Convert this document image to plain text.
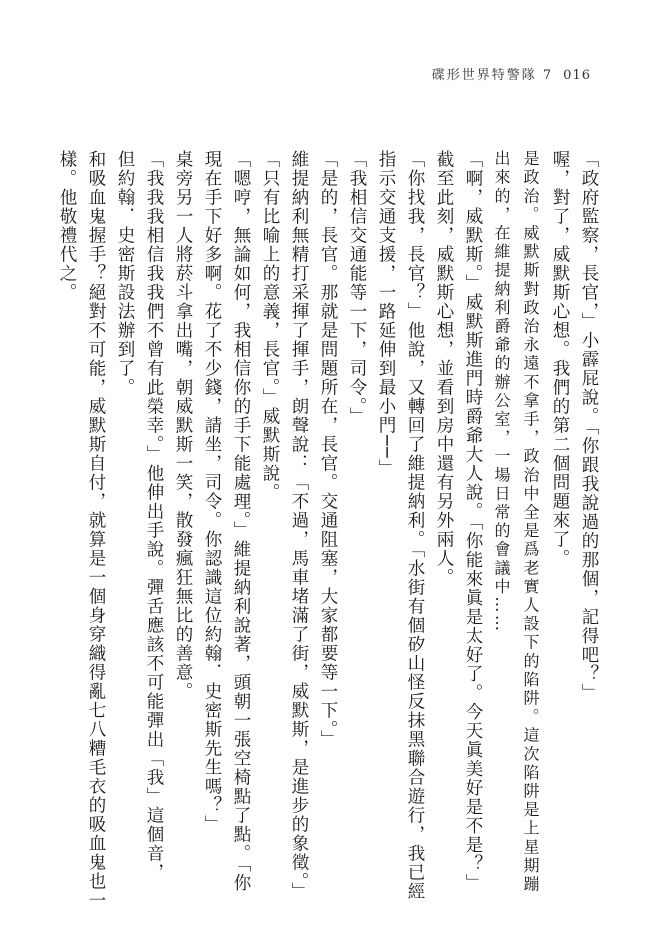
碟形世界特警隊 7 016
「政府監察，長官，」小霹屁說。「你跟我說過的那個，記得吧？」
喔，對了，威默斯心想。我們的第二個問題來了。
是政治。威默斯對政治永遠不拿手，政治中全是爲老實人設下的陷阱。這次陷阱是上星期蹦
出來的，在維提納利爵爺的辦公室，一場日常的會議中……
「啊，威默斯。」威默斯進門時爵爺大人說。「你能來眞是太好了。今天眞美好是不是？」
截至此刻，威默斯心想，並看到房中還有另外兩人。
「你找我，長官？」他說，又轉回了維提納利。「水街有個矽山怪反抹黑聯合遊行，我已經
指示交通支援，一路延伸到最小門──」
「我相信交通能等一下，司令。」
「是的，長官。那就是問題所在，長官。交通阻塞，大家都要等一下。」
維提納利無精打采揮了揮手，朗聲說：「不過，馬車堵滿了街，威默斯，是進步的象徵。」
「只有比喻上的意義，長官。」威默斯說。
「嗯哼，無論如何，我相信你的手下能處理。」維提納利說著，頭朝一張空椅點了點。「你
現在手下好多啊。花了不少錢，請坐，司令。你認識這位約翰．史密斯先生嗎？」
桌旁另一人將菸斗拿出嘴，朝威默斯一笑，散發瘋狂無比的善意。
「我我我相信我我們不曾有此榮幸。」他伸出手說。彈舌應該不可能彈出「我」這個音，
但約翰．史密斯設法辦到了。
和吸血鬼握手？絕對不可能，威默斯自付，就算是一個身穿織得亂七八糟毛衣的吸血鬼也一
樣。他敬禮代之。
